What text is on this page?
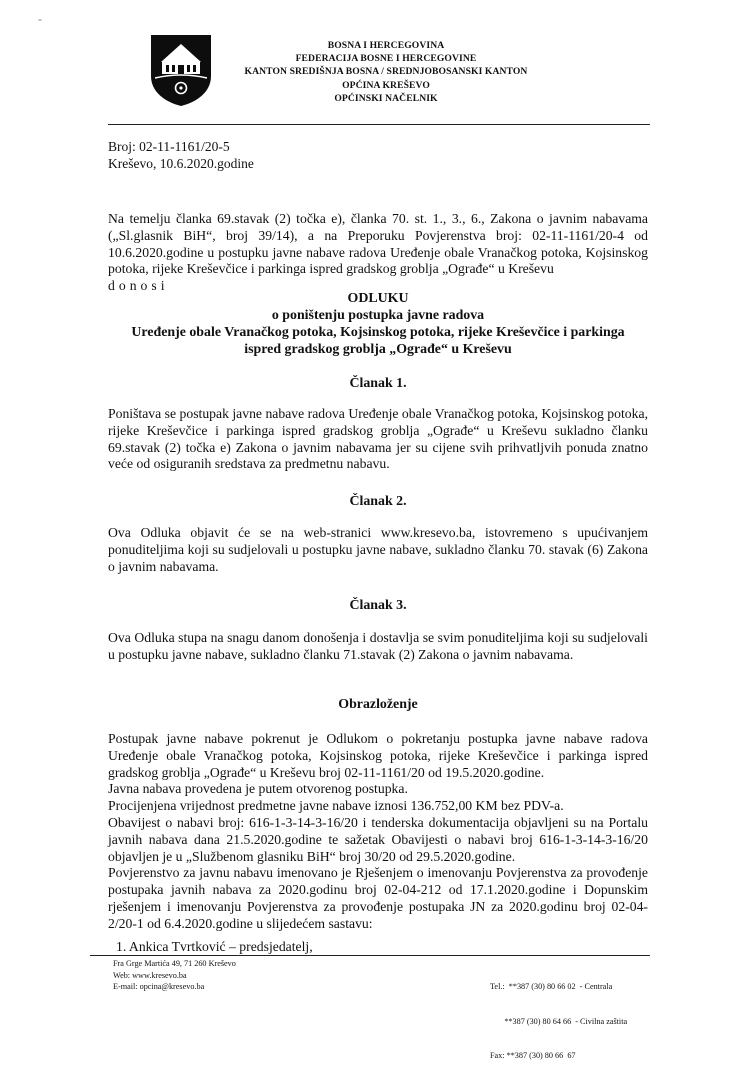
-
BOSNA I HERCEGOVINA
FEDERACIJA BOSNE I HERCEGOVINE
KANTON SREDIŠNJA BOSNA / SREDNJOBOSANSKI KANTON
OPĆINA KREŠEVO
OPĆINSKI NAČELNIK
Broj: 02-11-1161/20-5
Kreševo, 10.6.2020.godine
Na temelju članka 69.stavak (2) točka e), članka 70. st. 1., 3., 6., Zakona o javnim nabavama („Sl.glasnik BiH“, broj 39/14), a na Preporuku Povjerenstva broj: 02-11-1161/20-4 od 10.6.2020.godine u postupku javne nabave radova Uređenje obale Vranačkog potoka, Kojsinskog potoka, rijeke Kreševčice i parkinga ispred gradskog groblja „Ograđe“ u Kreševu
donosi
ODLUKU
o poništenju postupka javne radova
Uređenje obale Vranačkog potoka, Kojsinskog potoka, rijeke Kreševčice i parkinga
ispred gradskog groblja „Ograđe“ u Kreševu
Članak 1.
Poništava se postupak javne nabave radova Uređenje obale Vranačkog potoka, Kojsinskog potoka, rijeke Kreševčice i parkinga ispred gradskog groblja „Ograđe“ u Kreševu sukladno članku 69.stavak (2) točka e) Zakona o javnim nabavama jer su cijene svih prihvatljvih ponuda znatno veće od osiguranih sredstava za predmetnu nabavu.
Članak 2.
Ova Odluka objavit će se na web-stranici www.kresevo.ba, istovremeno s upućivanjem ponuditeljima koji su sudjelovali u postupku javne nabave, sukladno članku 70. stavak (6) Zakona o javnim nabavama.
Članak 3.
Ova Odluka stupa na snagu danom donošenja i dostavlja se svim ponuditeljima koji su sudjelovali u postupku javne nabave, sukladno članku 71.stavak (2) Zakona o javnim nabavama.
Obrazloženje

Postupak javne nabave pokrenut je Odlukom o pokretanju postupka javne nabave radova Uređenje obale Vranačkog potoka, Kojsinskog potoka, rijeke Kreševčice i parkinga ispred gradskog groblja „Ograđe“ u Kreševu broj 02-11-1161/20 od 19.5.2020.godine.

Javna nabava provedena je putem otvorenog postupka.

Procijenjena vrijednost predmetne javne nabave iznosi 136.752,00 KM bez PDV-a.

Obavijest o nabavi broj: 616-1-3-14-3-16/20 i tenderska dokumentacija objavljeni su na Portalu javnih nabava dana 21.5.2020.godine te sažetak Obavijesti o nabavi broj 616-1-3-14-3-16/20 objavljen je u „Službenom glasniku BiH“ broj 30/20 od 29.5.2020.godine.

Povjerenstvo za javnu nabavu imenovano je Rješenjem o imenovanju Povjerenstva za provođenje postupaka javnih nabava za 2020.godinu broj 02-04-212 od 17.1.2020.godine i Dopunskim rješenjem i imenovanju Povjerenstva za provođenje postupaka JN za 2020.godinu broj 02-04-2/20-1 od 6.4.2020.godine u slijedećem sastavu:

1. Ankica Tvrtković – predsjedatelj,
Fra Grge Martića 49, 71 260 Kreševo
Web: www.kresevo.ba
E-mail: opcina@kresevo.ba

	Tel.:  **387 (30) 80 66 02  - Centrala

**387 (30) 80 64 66  - Civilna zaštita

Fax: **387 (30) 80 66  67
